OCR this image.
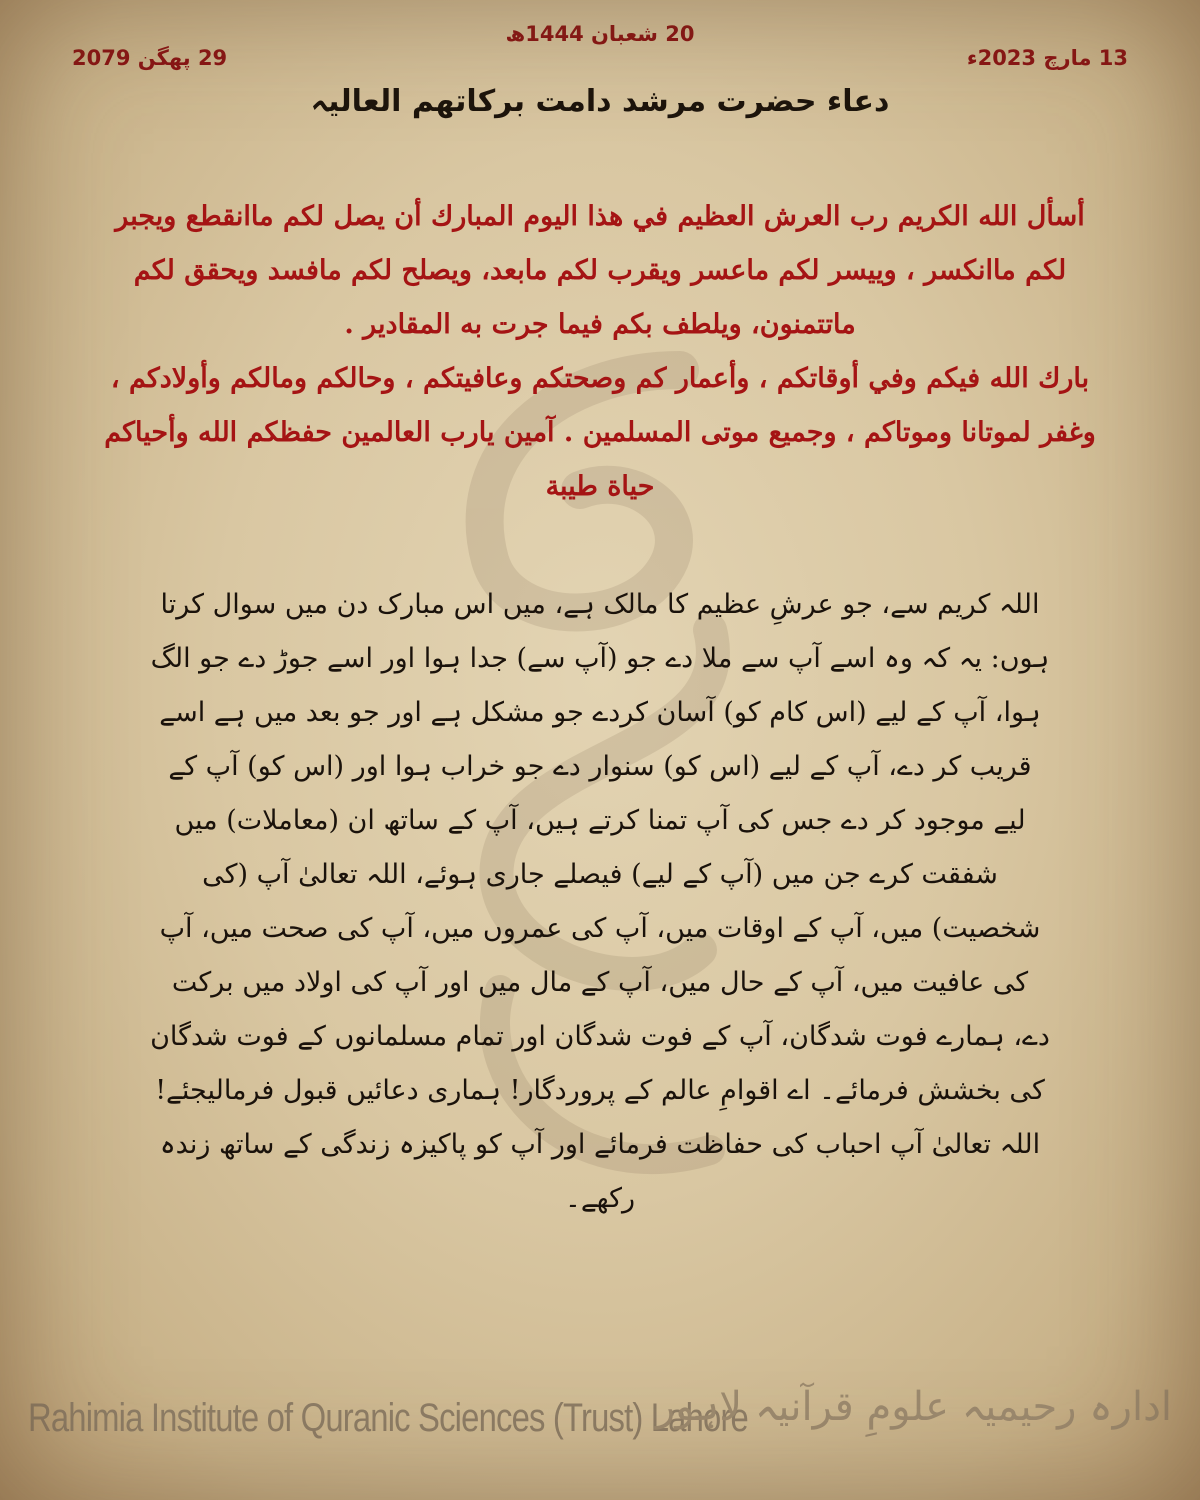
20 شعبان 1444ھ
13 مارچ 2023ء
29 پھگن 2079
دعاء حضرت مرشد دامت برکاتھم العالیہ

أسأل الله الكريم رب العرش العظيم في هذا اليوم المبارك أن يصل لكم ماانقطع ويجبر لكم ماانكسر ، وييسر لكم ماعسر ويقرب لكم مابعد، ويصلح لكم مافسد ويحقق لكم ماتتمنون، ويلطف بكم فيما جرت به المقادير .

بارك الله فيكم وفي أوقاتكم ، وأعمار كم وصحتكم وعافيتكم ، وحالكم ومالكم وأولادكم ، وغفر لموتانا وموتاكم ، وجميع موتى المسلمين . آمين يارب العالمين حفظكم الله وأحياكم حياة طيبة

اللہ کریم سے، جو عرشِ عظیم کا مالک ہے، میں اس مبارک دن میں سوال کرتا ہوں: یہ کہ وہ اسے آپ سے ملا دے جو (آپ سے) جدا ہوا اور اسے جوڑ دے جو الگ ہوا، آپ کے لیے (اس کام کو) آسان کردے جو مشکل ہے اور جو بعد میں ہے اسے قریب کر دے، آپ کے لیے (اس کو) سنوار دے جو خراب ہوا اور (اس کو) آپ کے لیے موجود کر دے جس کی آپ تمنا کرتے ہیں، آپ کے ساتھ ان (معاملات) میں شفقت کرے جن میں (آپ کے لیے) فیصلے جاری ہوئے، اللہ تعالیٰ آپ (کی شخصیت) میں، آپ کے اوقات میں، آپ کی عمروں میں، آپ کی صحت میں، آپ کی عافیت میں، آپ کے حال میں، آپ کے مال میں اور آپ کی اولاد میں برکت دے، ہمارے فوت شدگان، آپ کے فوت شدگان اور تمام مسلمانوں کے فوت شدگان کی بخشش فرمائے۔ اے اقوامِ عالم کے پروردگار! ہماری دعائیں قبول فرمالیجئے! اللہ تعالیٰ آپ احباب کی حفاظت فرمائے اور آپ کو پاکیزہ زندگی کے ساتھ زندہ رکھے۔
Rahimia Institute of Quranic Sciences (Trust) Lahore
ادارہ رحیمیہ علومِ قرآنیہ لاہور
